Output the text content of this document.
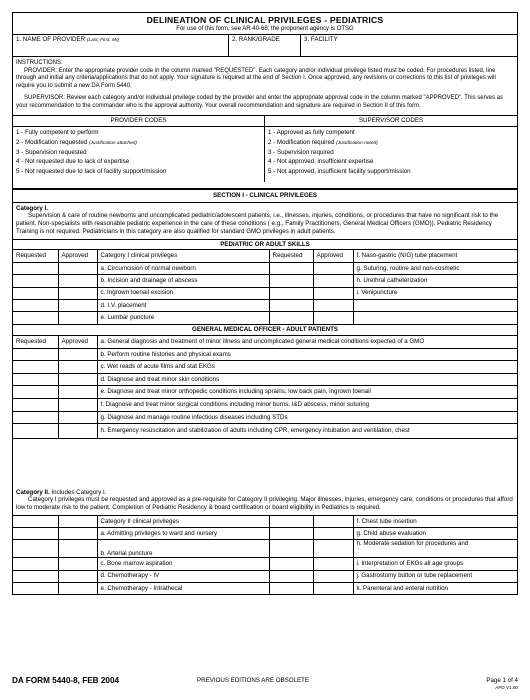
DELINEATION OF CLINICAL PRIVILEGES - PEDIATRICS
For use of this form, see AR 40-68; the proponent agency is OTSG
1. NAME OF PROVIDER (Last, First, MI)	2. RANK/GRADE	3. FACILITY

INSTRUCTIONS:

PROVIDER: Enter the appropriate provider code in the column marked "REQUESTED". Each category and/or individual privilege listed must be coded. For procedures listed, line through and initial any criteria/applications that do not apply. Your signature is required at the end of Section I. Once approved, any revisions or corrections to this list of privileges will require you to submit a new DA Form 5440.

SUPERVISOR: Review each category and/or individual privilege coded by the provider and enter the appropriate approval code in the column marked "APPROVED". This serves as your recommendation to the commander who is the approval authority. Your overall recommendation and signature are required in Section II of this form.

PROVIDER CODES
1 - Fully competent to perform
2 - Modification requested (Justification attached)
3 - Supervision requested
4 - Not requested due to lack of expertise
5 - Not requested due to lack of facility support/mission
SUPERVISOR CODES
1 - Approved as fully competent
2 - Modification required (Justification noted)
3 - Supervision required
4 - Not approved, insufficient expertise
5 - Not approved, insufficient facility support/mission
SECTION I - CLINICAL PRIVILEGES
Category I.
Supervision & care of routine newborns and uncomplicated pediatric/adolescent patients, i.e., illnesses, injuries, conditions, or procedures that have no significant risk to the patient. Non-specialists with reasonable pediatric experience in the care of these conditions ( e.g., Family Practitioners, General Medical Officers (GMO)). Pediatric Residency Training is not required. Pediatricians in this category are also qualified for standard GMO privileges in adult patients.
PEDIATRIC OR ADULT SKILLS
Requested	Approved	Category I clinical privileges	Requested	Approved	f. Naso-gastric (N/G) tube placement
		a. Circumcision of normal newborn			g. Suturing, routine and non-cosmetic
		b. Incision and drainage of abscess			h. Urethral catheterization
		c. Ingrown toenail excision			i. Venipuncture
		d. I.V. placement			
		e. Lumbar puncture			
GENERAL MEDICAL OFFICER - ADULT PATIENTS
Requested	Approved	a. General diagnosis and treatment of minor illness and uncomplicated general medical conditions expected of a GMO
		b. Perform routine histories and physical exams
		c. Wet reads of acute films and stat EKGs
		d. Diagnose and treat minor skin conditions
		e. Diagnose and treat minor orthopedic conditions including sprains, low back pain, ingrown toenail
		f. Diagnose and treat minor surgical conditions including minor burns, I&D abscess, minor suturing
		g. Diagnose and manage routine infectious diseases including STDs
		h. Emergency resuscitation and stabilization of adults including CPR, emergency intubation and ventilation, chest
Category II. Includes Category I.
Category I privileges must be requested and approved as a pre-requisite for Category II privileging. Major illnesses, injuries, emergency care, conditions or procedures that afford low to moderate risk to the patient. Completion of Pediatric Residency & board certification or board eligibility in Pediatrics is required.
		Category II clinical privileges			f. Chest tube insertion
		a. Admitting privileges to ward and nursery			g. Child abuse evaluation
		b. Arterial puncture			h. Moderate sedation for procedures and
		c. Bone marrow aspiration			i. Interpretation of EKGs all age groups
		d. Chemotherapy - IV			j. Gastrostomy button or tube replacement
		e. Chemotherapy - Intrathecal			k. Parenteral and enteral nutrition
DA FORM 5440-8, FEB 2004	PREVIOUS EDITIONS ARE OBSOLETE	Page 1 of 4
APD V1.00
